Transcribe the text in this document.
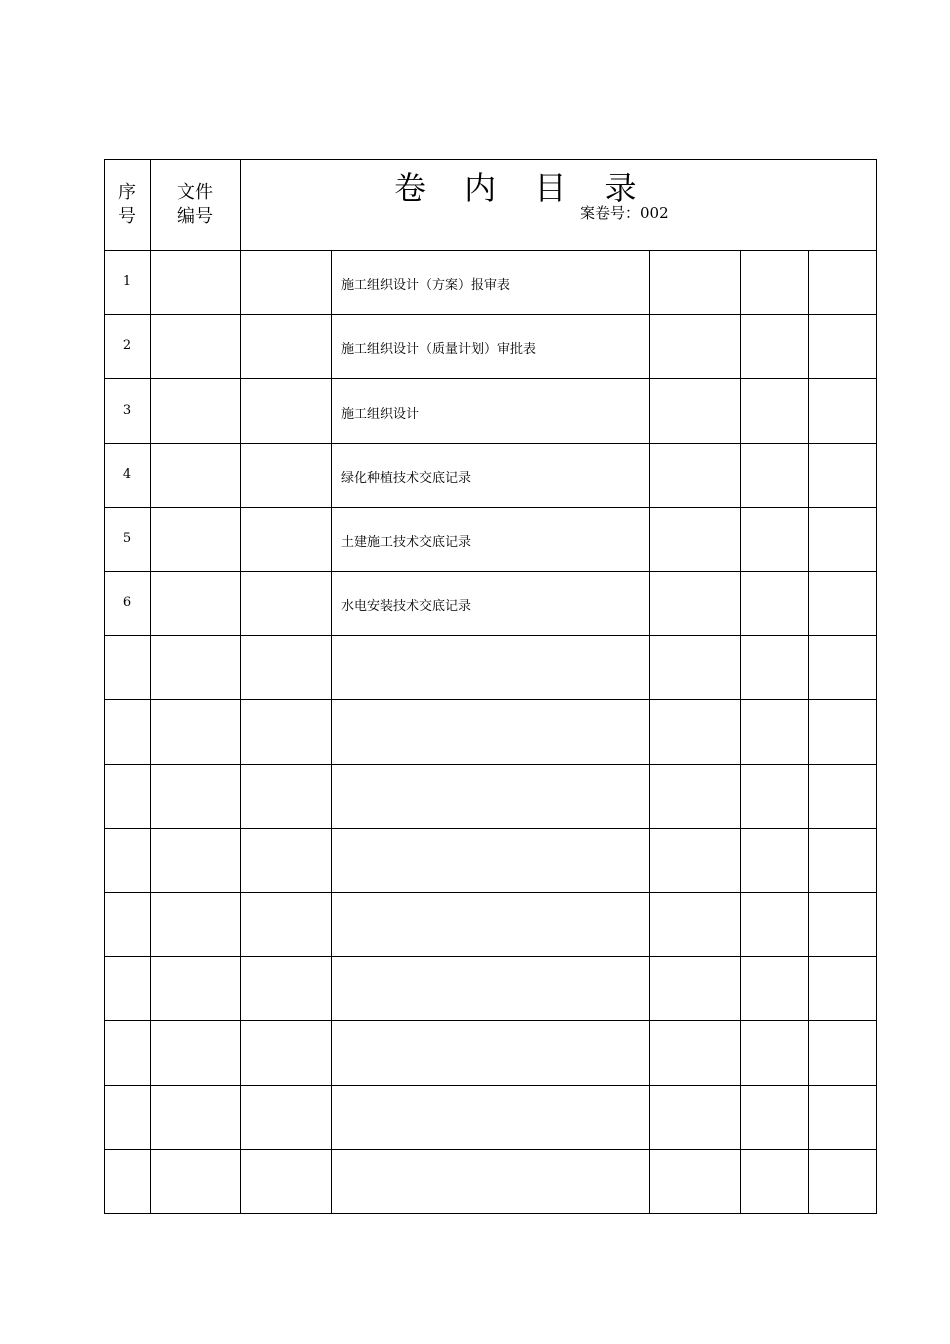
序
号
文件
编号
卷 内 目 录
案卷号：002
1	施工组织设计（方案）报审表
2	施工组织设计（质量计划）审批表
3	施工组织设计
4	绿化种植技术交底记录
5	土建施工技术交底记录
6	水电安装技术交底记录
